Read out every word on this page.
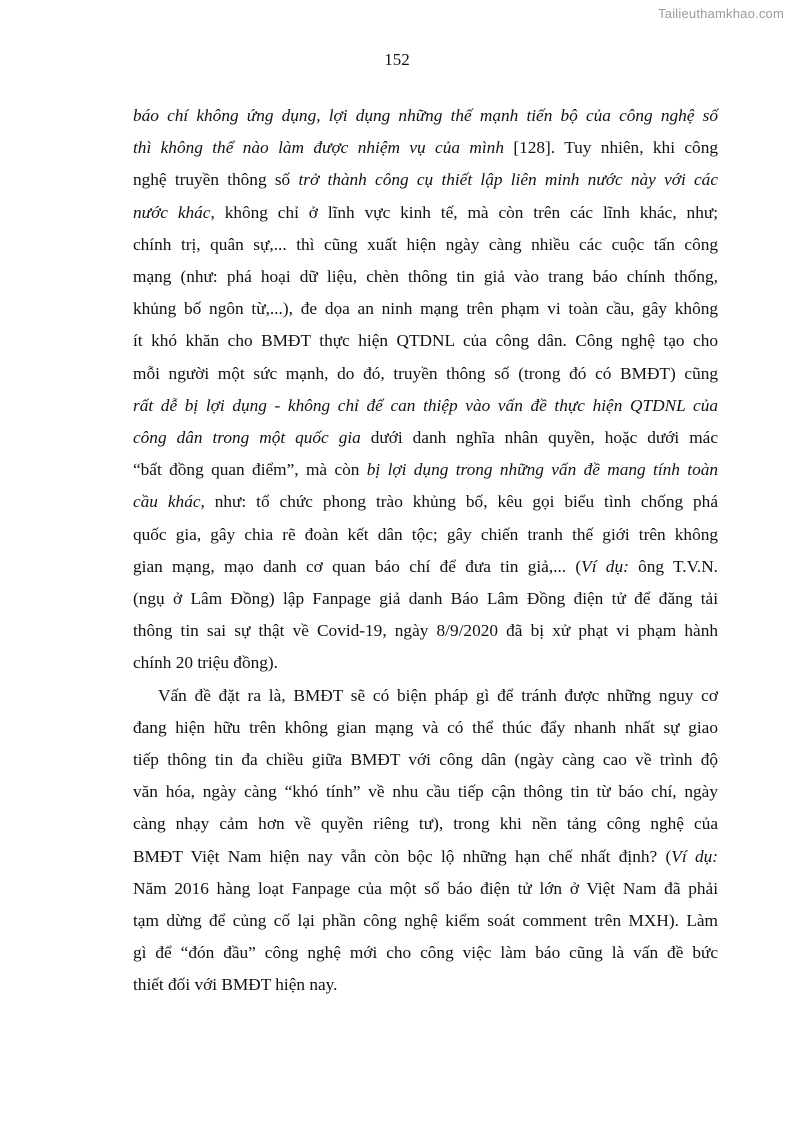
Tailieuthamkhao.com
152
báo chí không ứng dụng, lợi dụng những thế mạnh tiến bộ của công nghệ số
thì không thể nào làm được nhiệm vụ của mình [128]. Tuy nhiên, khi công
nghệ truyền thông số trở thành công cụ thiết lập liên minh nước này với các
nước khác, không chỉ ở lĩnh vực kinh tế, mà còn trên các lĩnh khác, như;
chính trị, quân sự,... thì cũng xuất hiện ngày càng nhiều các cuộc tấn công
mạng (như: phá hoại dữ liệu, chèn thông tin giả vào trang báo chính thống,
khủng bố ngôn từ,...), đe dọa an ninh mạng trên phạm vi toàn cầu, gây không
ít khó khăn cho BMĐT thực hiện QTDNL của công dân. Công nghệ tạo cho
mỗi người một sức mạnh, do đó, truyền thông số (trong đó có BMĐT) cũng
rất dễ bị lợi dụng - không chỉ để can thiệp vào vấn đề thực hiện QTDNL của
công dân trong một quốc gia dưới danh nghĩa nhân quyền, hoặc dưới mác
“bất đồng quan điểm”, mà còn bị lợi dụng trong những vấn đề mang tính toàn
cầu khác, như: tổ chức phong trào khủng bố, kêu gọi biểu tình chống phá
quốc gia, gây chia rẽ đoàn kết dân tộc; gây chiến tranh thế giới trên không
gian mạng, mạo danh cơ quan báo chí để đưa tin giả,... (Ví dụ: ông T.V.N.
(ngụ ở Lâm Đồng) lập Fanpage giả danh Báo Lâm Đồng điện tử để đăng tải
thông tin sai sự thật về Covid-19, ngày 8/9/2020 đã bị xử phạt vi phạm hành
chính 20 triệu đồng).
Vấn đề đặt ra là, BMĐT sẽ có biện pháp gì để tránh được những nguy cơ
đang hiện hữu trên không gian mạng và có thể thúc đẩy nhanh nhất sự giao
tiếp thông tin đa chiều giữa BMĐT với công dân (ngày càng cao về trình độ
văn hóa, ngày càng “khó tính” về nhu cầu tiếp cận thông tin từ báo chí, ngày
càng nhạy cảm hơn về quyền riêng tư), trong khi nền tảng công nghệ của
BMĐT Việt Nam hiện nay vẫn còn bộc lộ những hạn chế nhất định? (Ví dụ:
Năm 2016 hàng loạt Fanpage của một số báo điện tử lớn ở Việt Nam đã phải
tạm dừng để củng cố lại phần công nghệ kiểm soát comment trên MXH). Làm
gì để “đón đầu” công nghệ mới cho công việc làm báo cũng là vấn đề bức
thiết đối với BMĐT hiện nay.
